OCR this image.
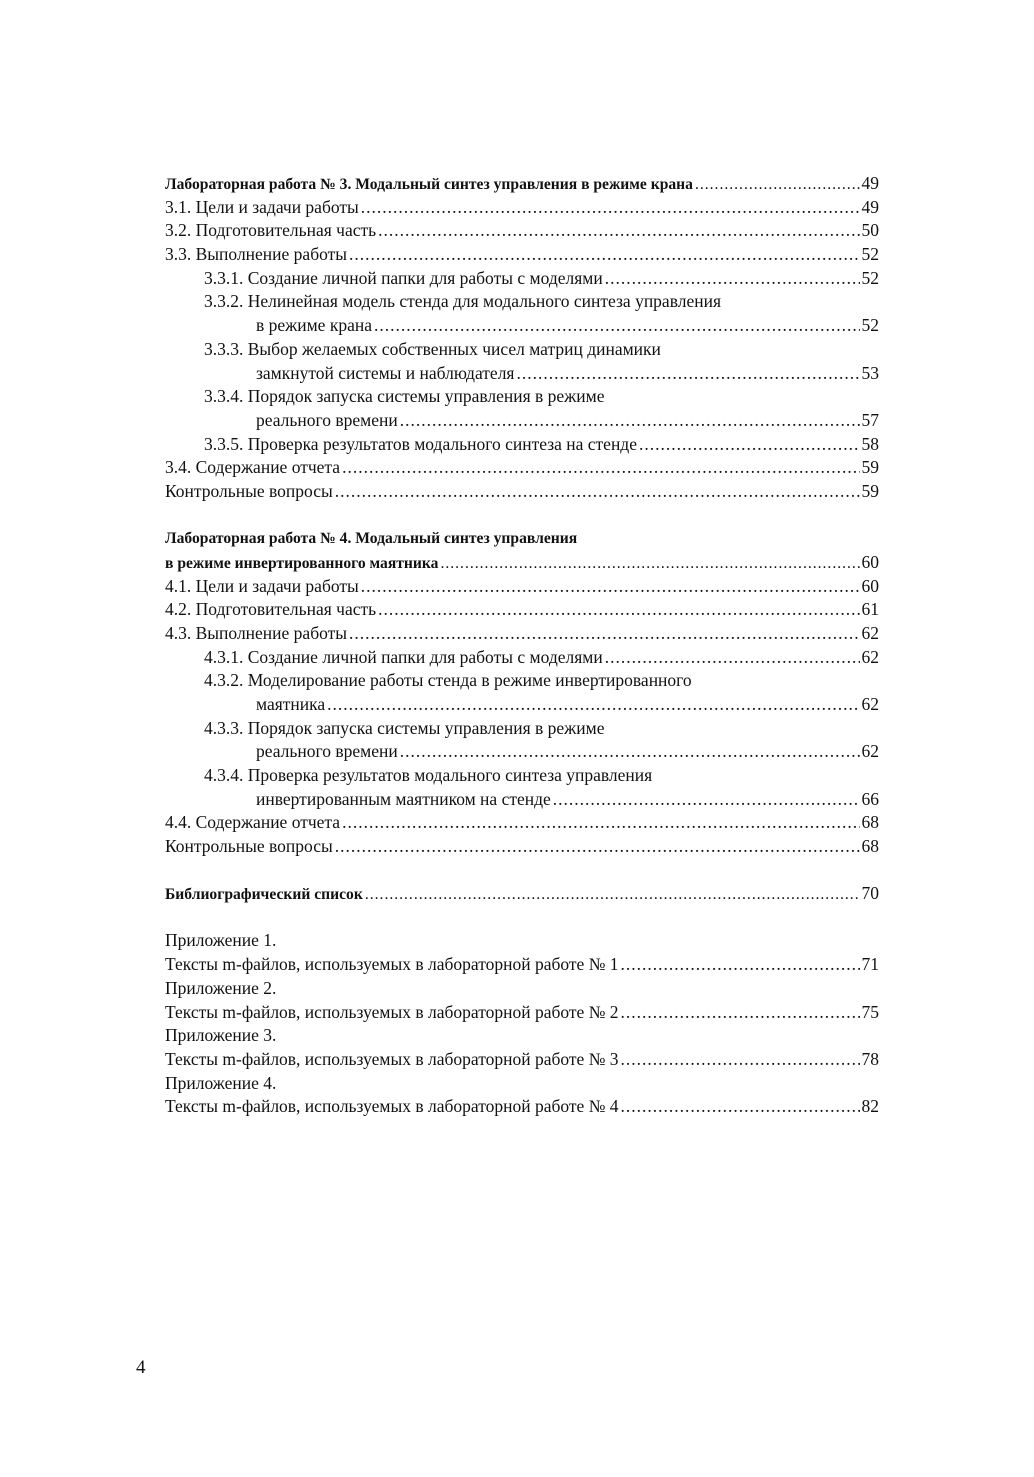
Лабораторная работа № 3. Модальный синтез управления в режиме крана .....	49
3.1. Цели и задачи работы .....	49
3.2. Подготовительная часть .....	50
3.3. Выполнение работы .....	52
3.3.1. Создание личной папки для работы с моделями .....	52
3.3.2. Нелинейная модель стенда для модального синтеза управления
в режиме крана .....	52
3.3.3. Выбор желаемых собственных чисел матриц динамики
замкнутой системы и наблюдателя .....	53
3.3.4. Порядок запуска системы управления в режиме
реального времени .....	57
3.3.5. Проверка результатов модального синтеза на стенде .....	58
3.4. Содержание отчета .....	59
Контрольные вопросы .....	59
Лабораторная работа № 4. Модальный синтез управления
в режиме инвертированного маятника .....	60
4.1. Цели и задачи работы .....	60
4.2. Подготовительная часть .....	61
4.3. Выполнение работы .....	62
4.3.1. Создание личной папки для работы с моделями .....	62
4.3.2. Моделирование работы стенда в режиме инвертированного
маятника .....	62
4.3.3. Порядок запуска системы управления в режиме
реального времени .....	62
4.3.4. Проверка результатов модального синтеза управления
инвертированным маятником на стенде .....	66
4.4. Содержание отчета .....	68
Контрольные вопросы .....	68
Библиографический список .....	70
Приложение 1.
Тексты m-файлов, используемых в лабораторной работе № 1 .....	71
Приложение 2.
Тексты m-файлов, используемых в лабораторной работе № 2 .....	75
Приложение 3.
Тексты m-файлов, используемых в лабораторной работе № 3 .....	78
Приложение 4.
Тексты m-файлов, используемых в лабораторной работе № 4 .....	82
4
